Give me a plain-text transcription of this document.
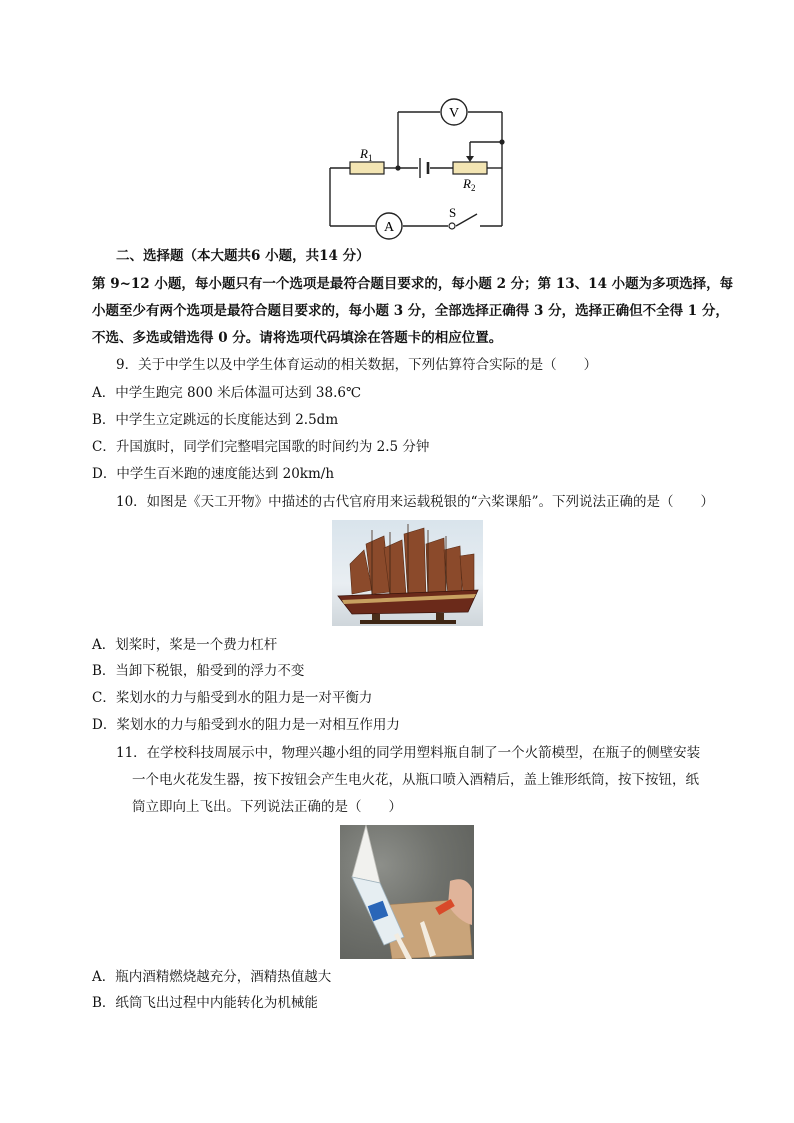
V
A
S
$R_1$
$R_2$
二、选择题（本大题共6 小题，共14 分）
第 9~12 小题，每小题只有一个选项是最符合题目要求的，每小题 2 分；第 13、14 小题为多项选择，每
小题至少有两个选项是最符合题目要求的，每小题 3 分，全部选择正确得 3 分，选择正确但不全得 1 分，
不选、多选或错选得 0 分。请将选项代码填涂在答题卡的相应位置。
9．关于中学生以及中学生体育运动的相关数据，下列估算符合实际的是（　　）
A．中学生跑完 800 米后体温可达到 38.6℃
B．中学生立定跳远的长度能达到 2.5dm
C．升国旗时，同学们完整唱完国歌的时间约为 2.5 分钟
D．中学生百米跑的速度能达到 20km/h
10．如图是《天工开物》中描述的古代官府用来运载税银的“六桨课船”。下列说法正确的是（　　）
A．划桨时，桨是一个费力杠杆
B．当卸下税银，船受到的浮力不变
C．桨划水的力与船受到水的阻力是一对平衡力
D．桨划水的力与船受到水的阻力是一对相互作用力
11．在学校科技周展示中，物理兴趣小组的同学用塑料瓶自制了一个火箭模型，在瓶子的侧壁安装
一个电火花发生器，按下按钮会产生电火花，从瓶口喷入酒精后，盖上锥形纸筒，按下按钮，纸
筒立即向上飞出。下列说法正确的是（　　）
A．瓶内酒精燃烧越充分，酒精热值越大
B．纸筒飞出过程中内能转化为机械能
